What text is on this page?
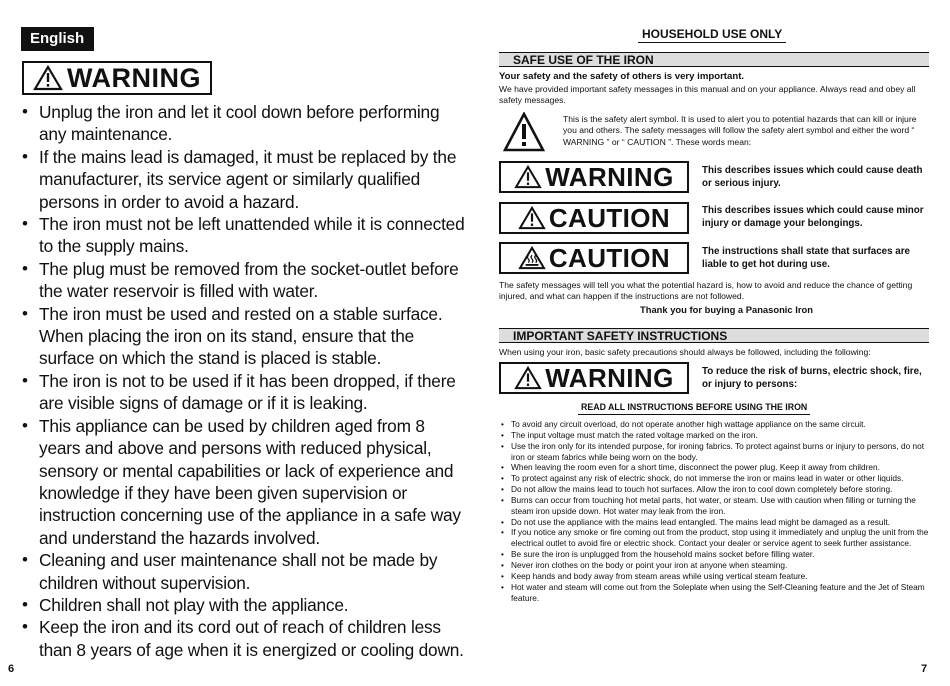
English
WARNING
• Unplug the iron and let it cool down before performing any maintenance.
• If the mains lead is damaged, it must be replaced by the manufacturer, its service agent or similarly qualified persons in order to avoid a hazard.
• The iron must not be left unattended while it is connected to the supply mains.
• The plug must be removed from the socket-outlet before the water reservoir is filled with water.
• The iron must be used and rested on a stable surface. When placing the iron on its stand, ensure that the surface on which the stand is placed is stable.
• The iron is not to be used if it has been dropped, if there are visible signs of damage or if it is leaking.
• This appliance can be used by children aged from 8 years and above and persons with reduced physical, sensory or mental capabilities or lack of experience and knowledge if they have been given supervision or instruction concerning use of the appliance in a safe way and understand the hazards involved.
• Cleaning and user maintenance shall not be made by children without supervision.
• Children shall not play with the appliance.
• Keep the iron and its cord out of reach of children less than 8 years of age when it is energized or cooling down.
6
HOUSEHOLD USE ONLY
SAFE USE OF THE IRON
Your safety and the safety of others is very important.
We have provided important safety messages in this manual and on your appliance. Always read and obey all safety messages.
This is the safety alert symbol. It is used to alert you to potential hazards that can kill or injure you and others. The safety messages will follow the safety alert symbol and either the word “ WARNING ” or “ CAUTION ”. These words mean:
WARNING	This describes issues which could cause death or serious injury.
CAUTION	This describes issues which could cause minor injury or damage your belongings.
CAUTION	The instructions shall state that surfaces are liable to get hot during use.
The safety messages will tell you what the potential hazard is, how to avoid and reduce the chance of getting injured, and what can happen if the instructions are not followed.
Thank you for buying a Panasonic Iron
IMPORTANT SAFETY INSTRUCTIONS
When using your iron, basic safety precautions should always be followed, including the following:
WARNING	To reduce the risk of burns, electric shock, fire, or injury to persons:
READ ALL INSTRUCTIONS BEFORE USING THE IRON
• To avoid any circuit overload, do not operate another high wattage appliance on the same circuit.
• The input voltage must match the rated voltage marked on the iron.
• Use the iron only for its intended purpose, for ironing fabrics. To protect against burns or injury to persons, do not iron or steam fabrics while being worn on the body.
• When leaving the room even for a short time, disconnect the power plug. Keep it away from children.
• To protect against any risk of electric shock, do not immerse the iron or mains lead in water or other liquids.
• Do not allow the mains lead to touch hot surfaces. Allow the iron to cool down completely before storing.
• Burns can occur from touching hot metal parts, hot water, or steam. Use with caution when filling or turning the steam iron upside down. Hot water may leak from the iron.
• Do not use the appliance with the mains lead entangled. The mains lead might be damaged as a result.
• If you notice any smoke or fire coming out from the product, stop using it immediately and unplug the unit from the electrical outlet to avoid fire or electric shock. Contact your dealer or service agent to seek further assistance.
• Be sure the iron is unplugged from the household mains socket before filling water.
• Never iron clothes on the body or point your iron at anyone when steaming.
• Keep hands and body away from steam areas while using vertical steam feature.
• Hot water and steam will come out from the Soleplate when using the Self-Cleaning feature and the Jet of Steam feature.
7
